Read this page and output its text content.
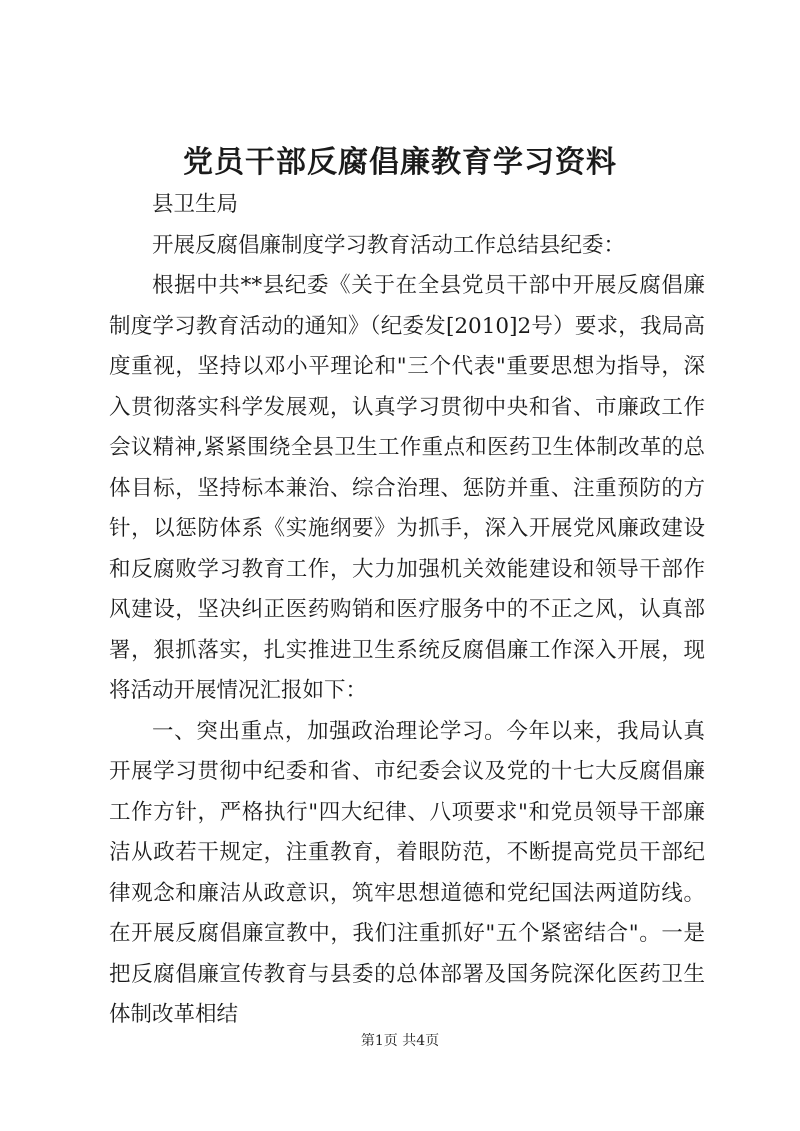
党员干部反腐倡廉教育学习资料

县卫生局

开展反腐倡廉制度学习教育活动工作总结县纪委：

根据中共**县纪委《关于在全县党员干部中开展反腐倡廉制度学习教育活动的通知》（纪委发[2010]2号）要求，我局高度重视，坚持以邓小平理论和"三个代表"重要思想为指导，深入贯彻落实科学发展观，认真学习贯彻中央和省、市廉政工作会议精神,紧紧围绕全县卫生工作重点和医药卫生体制改革的总体目标，坚持标本兼治、综合治理、惩防并重、注重预防的方针，以惩防体系《实施纲要》为抓手，深入开展党风廉政建设和反腐败学习教育工作，大力加强机关效能建设和领导干部作风建设，坚决纠正医药购销和医疗服务中的不正之风，认真部署，狠抓落实，扎实推进卫生系统反腐倡廉工作深入开展，现将活动开展情况汇报如下：

一、突出重点，加强政治理论学习。今年以来，我局认真开展学习贯彻中纪委和省、市纪委会议及党的十七大反腐倡廉工作方针，严格执行"四大纪律、八项要求"和党员领导干部廉洁从政若干规定，注重教育，着眼防范，不断提高党员干部纪律观念和廉洁从政意识，筑牢思想道德和党纪国法两道防线。在开展反腐倡廉宣教中，我们注重抓好"五个紧密结合"。一是把反腐倡廉宣传教育与县委的总体部署及国务院深化医药卫生体制改革相结

第1页 共4页
